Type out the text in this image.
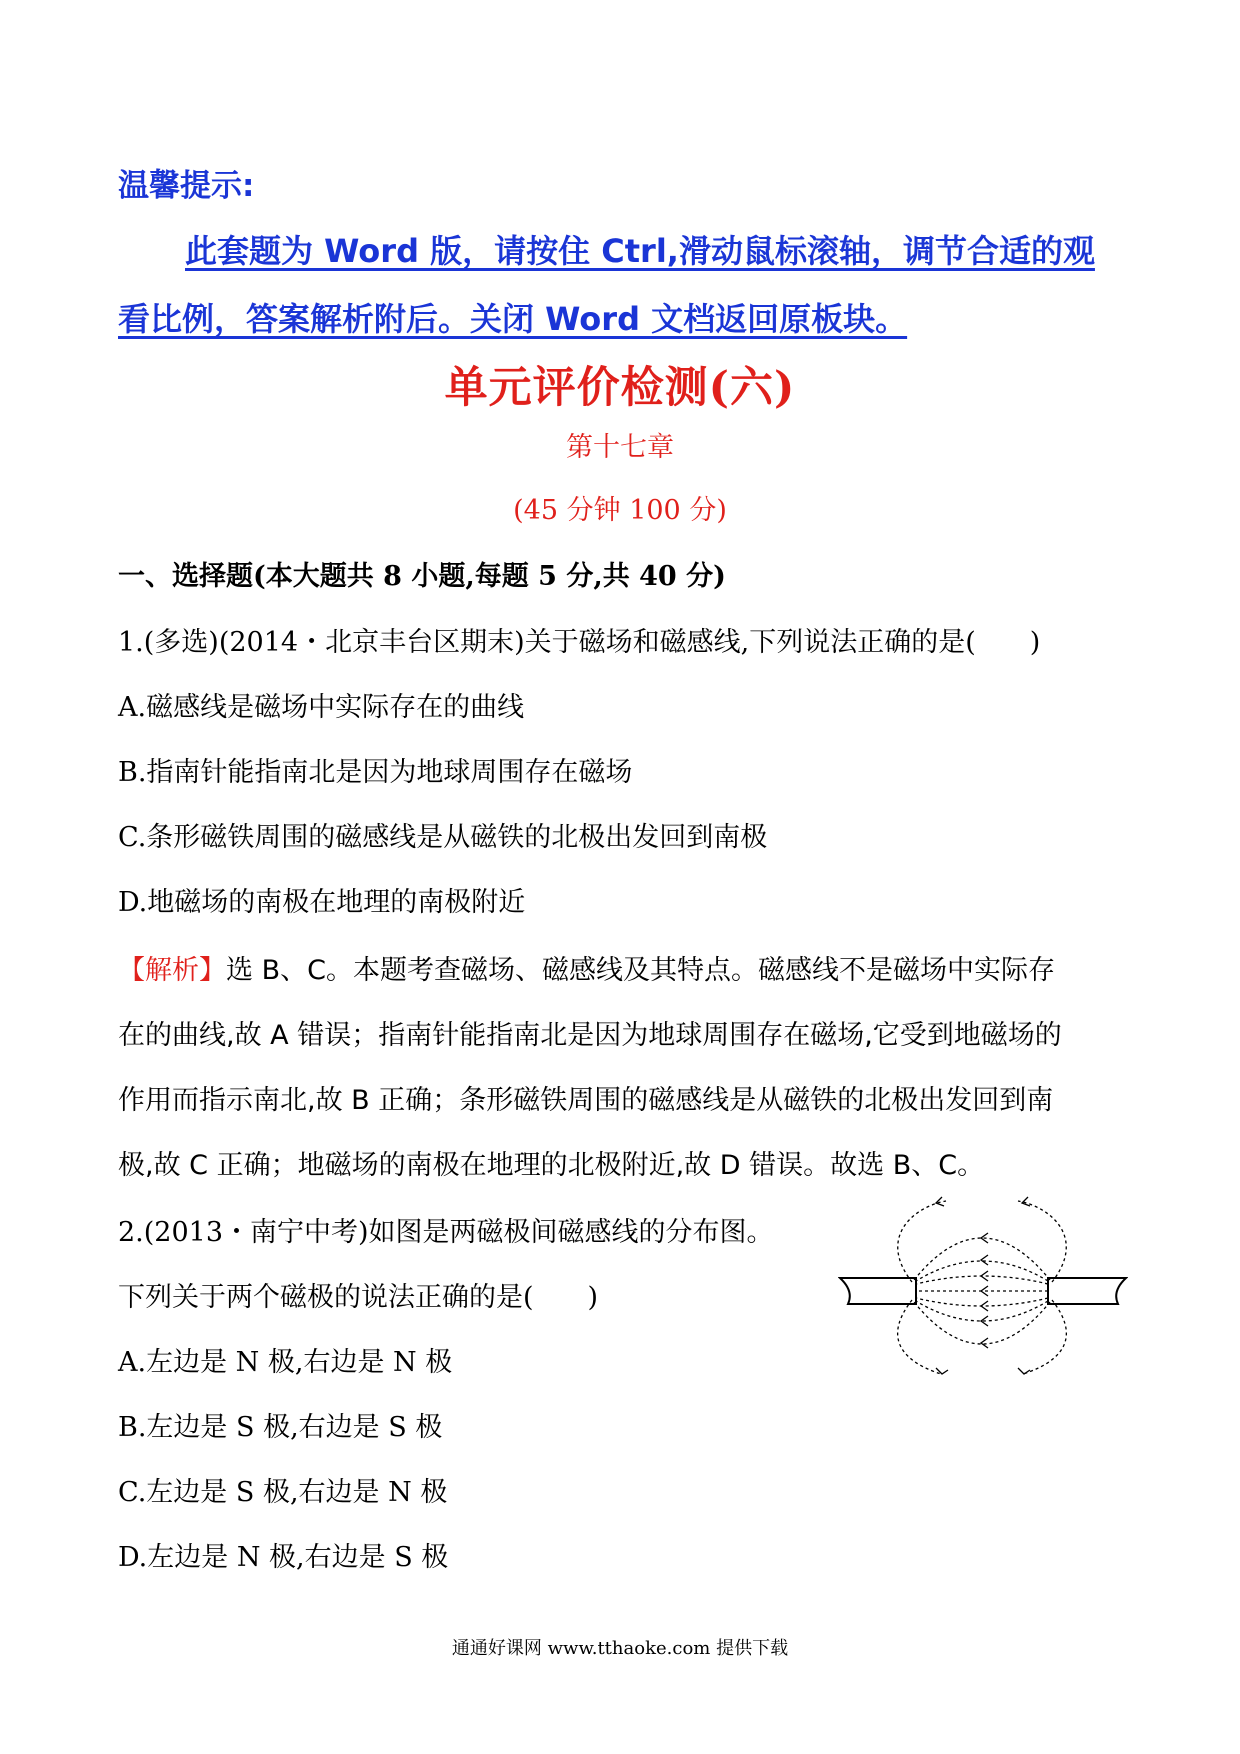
温馨提示:
此套题为 Word 版，请按住 Ctrl,滑动鼠标滚轴，调节合适的观
看比例，答案解析附后。关闭 Word 文档返回原板块。
单元评价检测(六)
第十七章
(45 分钟 100 分)
一、选择题(本大题共 8 小题,每题 5 分,共 40 分)
1.(多选)(2014・北京丰台区期末)关于磁场和磁感线,下列说法正确的是(　　)
A.磁感线是磁场中实际存在的曲线
B.指南针能指南北是因为地球周围存在磁场
C.条形磁铁周围的磁感线是从磁铁的北极出发回到南极
D.地磁场的南极在地理的南极附近
【解析】选 B、C。本题考查磁场、磁感线及其特点。磁感线不是磁场中实际存
在的曲线,故 A 错误；指南针能指南北是因为地球周围存在磁场,它受到地磁场的
作用而指示南北,故 B 正确；条形磁铁周围的磁感线是从磁铁的北极出发回到南
极,故 C 正确；地磁场的南极在地理的北极附近,故 D 错误。故选 B、C。
2.(2013・南宁中考)如图是两磁极间磁感线的分布图。
下列关于两个磁极的说法正确的是(　　)
A.左边是 N 极,右边是 N 极
B.左边是 S 极,右边是 S 极
C.左边是 S 极,右边是 N 极
D.左边是 N 极,右边是 S 极
通通好课网 www.tthaoke.com 提供下载
